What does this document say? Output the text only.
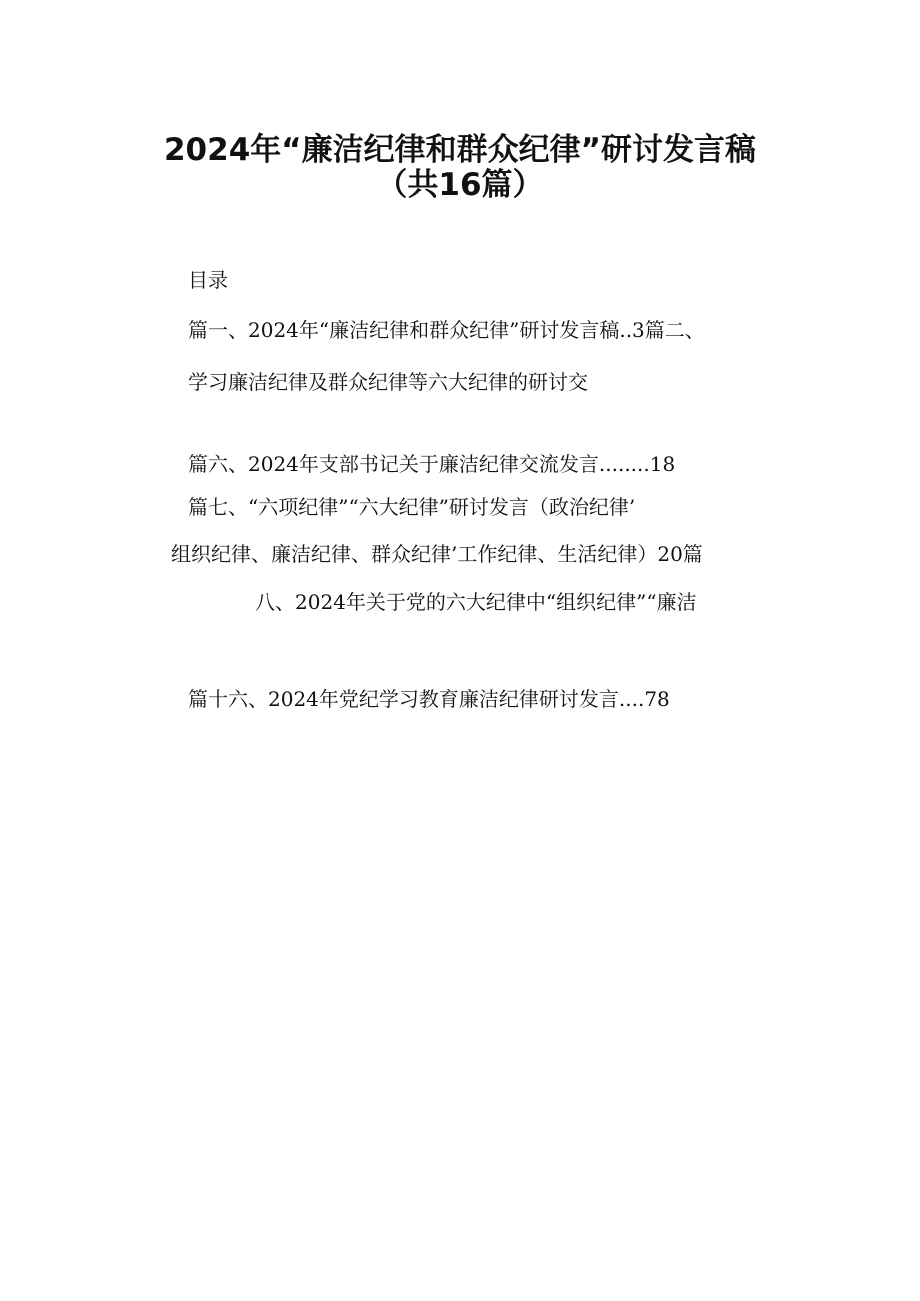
2024年“廉洁纪律和群众纪律”研讨发言稿
（共16篇）
目录
篇一、2024年“廉洁纪律和群众纪律”研讨发言稿..3篇二、
学习廉洁纪律及群众纪律等六大纪律的研讨交
篇六、2024年支部书记关于廉洁纪律交流发言........18
篇七、“六项纪律”“六大纪律”研讨发言（政治纪律’
组织纪律、廉洁纪律、群众纪律’工作纪律、生活纪律）20篇
八、2024年关于党的六大纪律中“组织纪律”“廉洁
篇十六、2024年党纪学习教育廉洁纪律研讨发言....78
